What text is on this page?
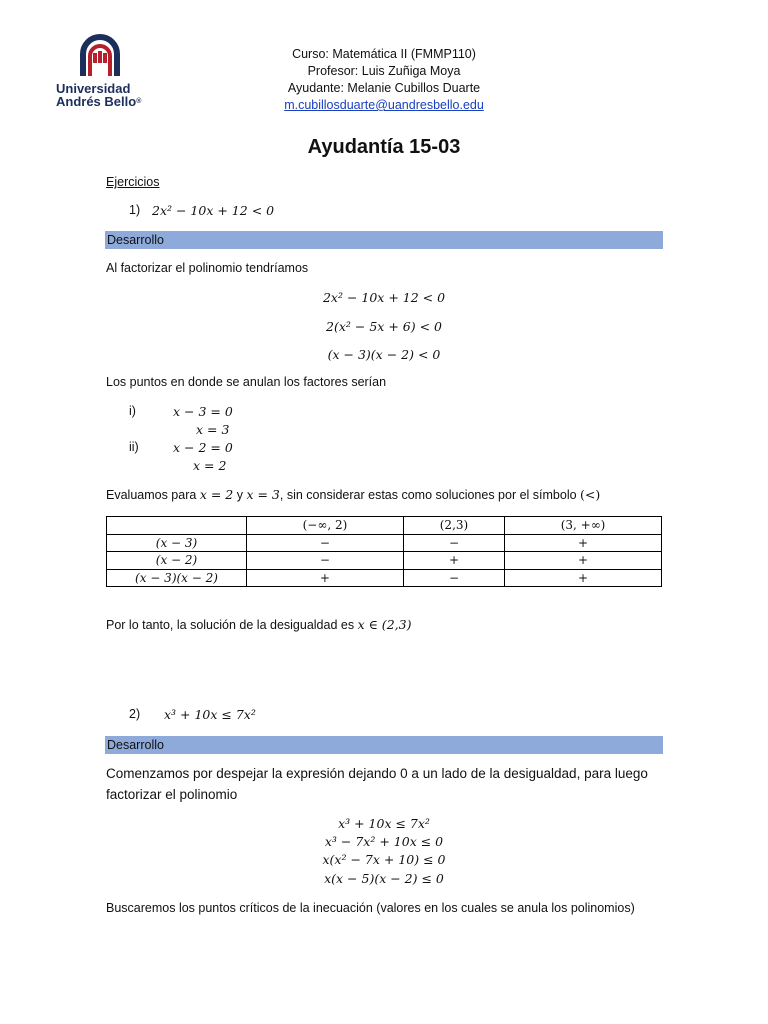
Universidad
Andrés Bello®
Curso: Matemática II (FMMP110)
Profesor: Luis Zuñiga Moya
Ayudante: Melanie Cubillos Duarte
m.cubillosduarte@uandresbello.edu
Ayudantía 15-03
Ejercicios
1) 2x² − 10x + 12 < 0
Desarrollo
Al factorizar el polinomio tendríamos
2x² − 10x + 12 < 0
2(x² − 5x + 6) < 0
(x − 3)(x − 2) < 0
Los puntos en donde se anulan los factores serían
i)	x − 3 = 0
x = 3
ii)	x − 2 = 0
x = 2
Evaluamos para x = 2 y x = 3, sin considerar estas como soluciones por el símbolo (<)
	(−∞, 2)	(2,3)	(3, +∞)
(x − 3)	−	−	+
(x − 2)	−	+	+
(x − 3)(x − 2)	+	−	+
Por lo tanto, la solución de la desigualdad es x ∈ (2,3)
2) x³ + 10x ≤ 7x²
Desarrollo
Comenzamos por despejar la expresión dejando 0 a un lado de la desigualdad, para luego
factorizar el polinomio
x³ + 10x ≤ 7x²
x³ − 7x² + 10x ≤ 0
x(x² − 7x + 10) ≤ 0
x(x − 5)(x − 2) ≤ 0
Buscaremos los puntos críticos de la inecuación (valores en los cuales se anula los polinomios)
